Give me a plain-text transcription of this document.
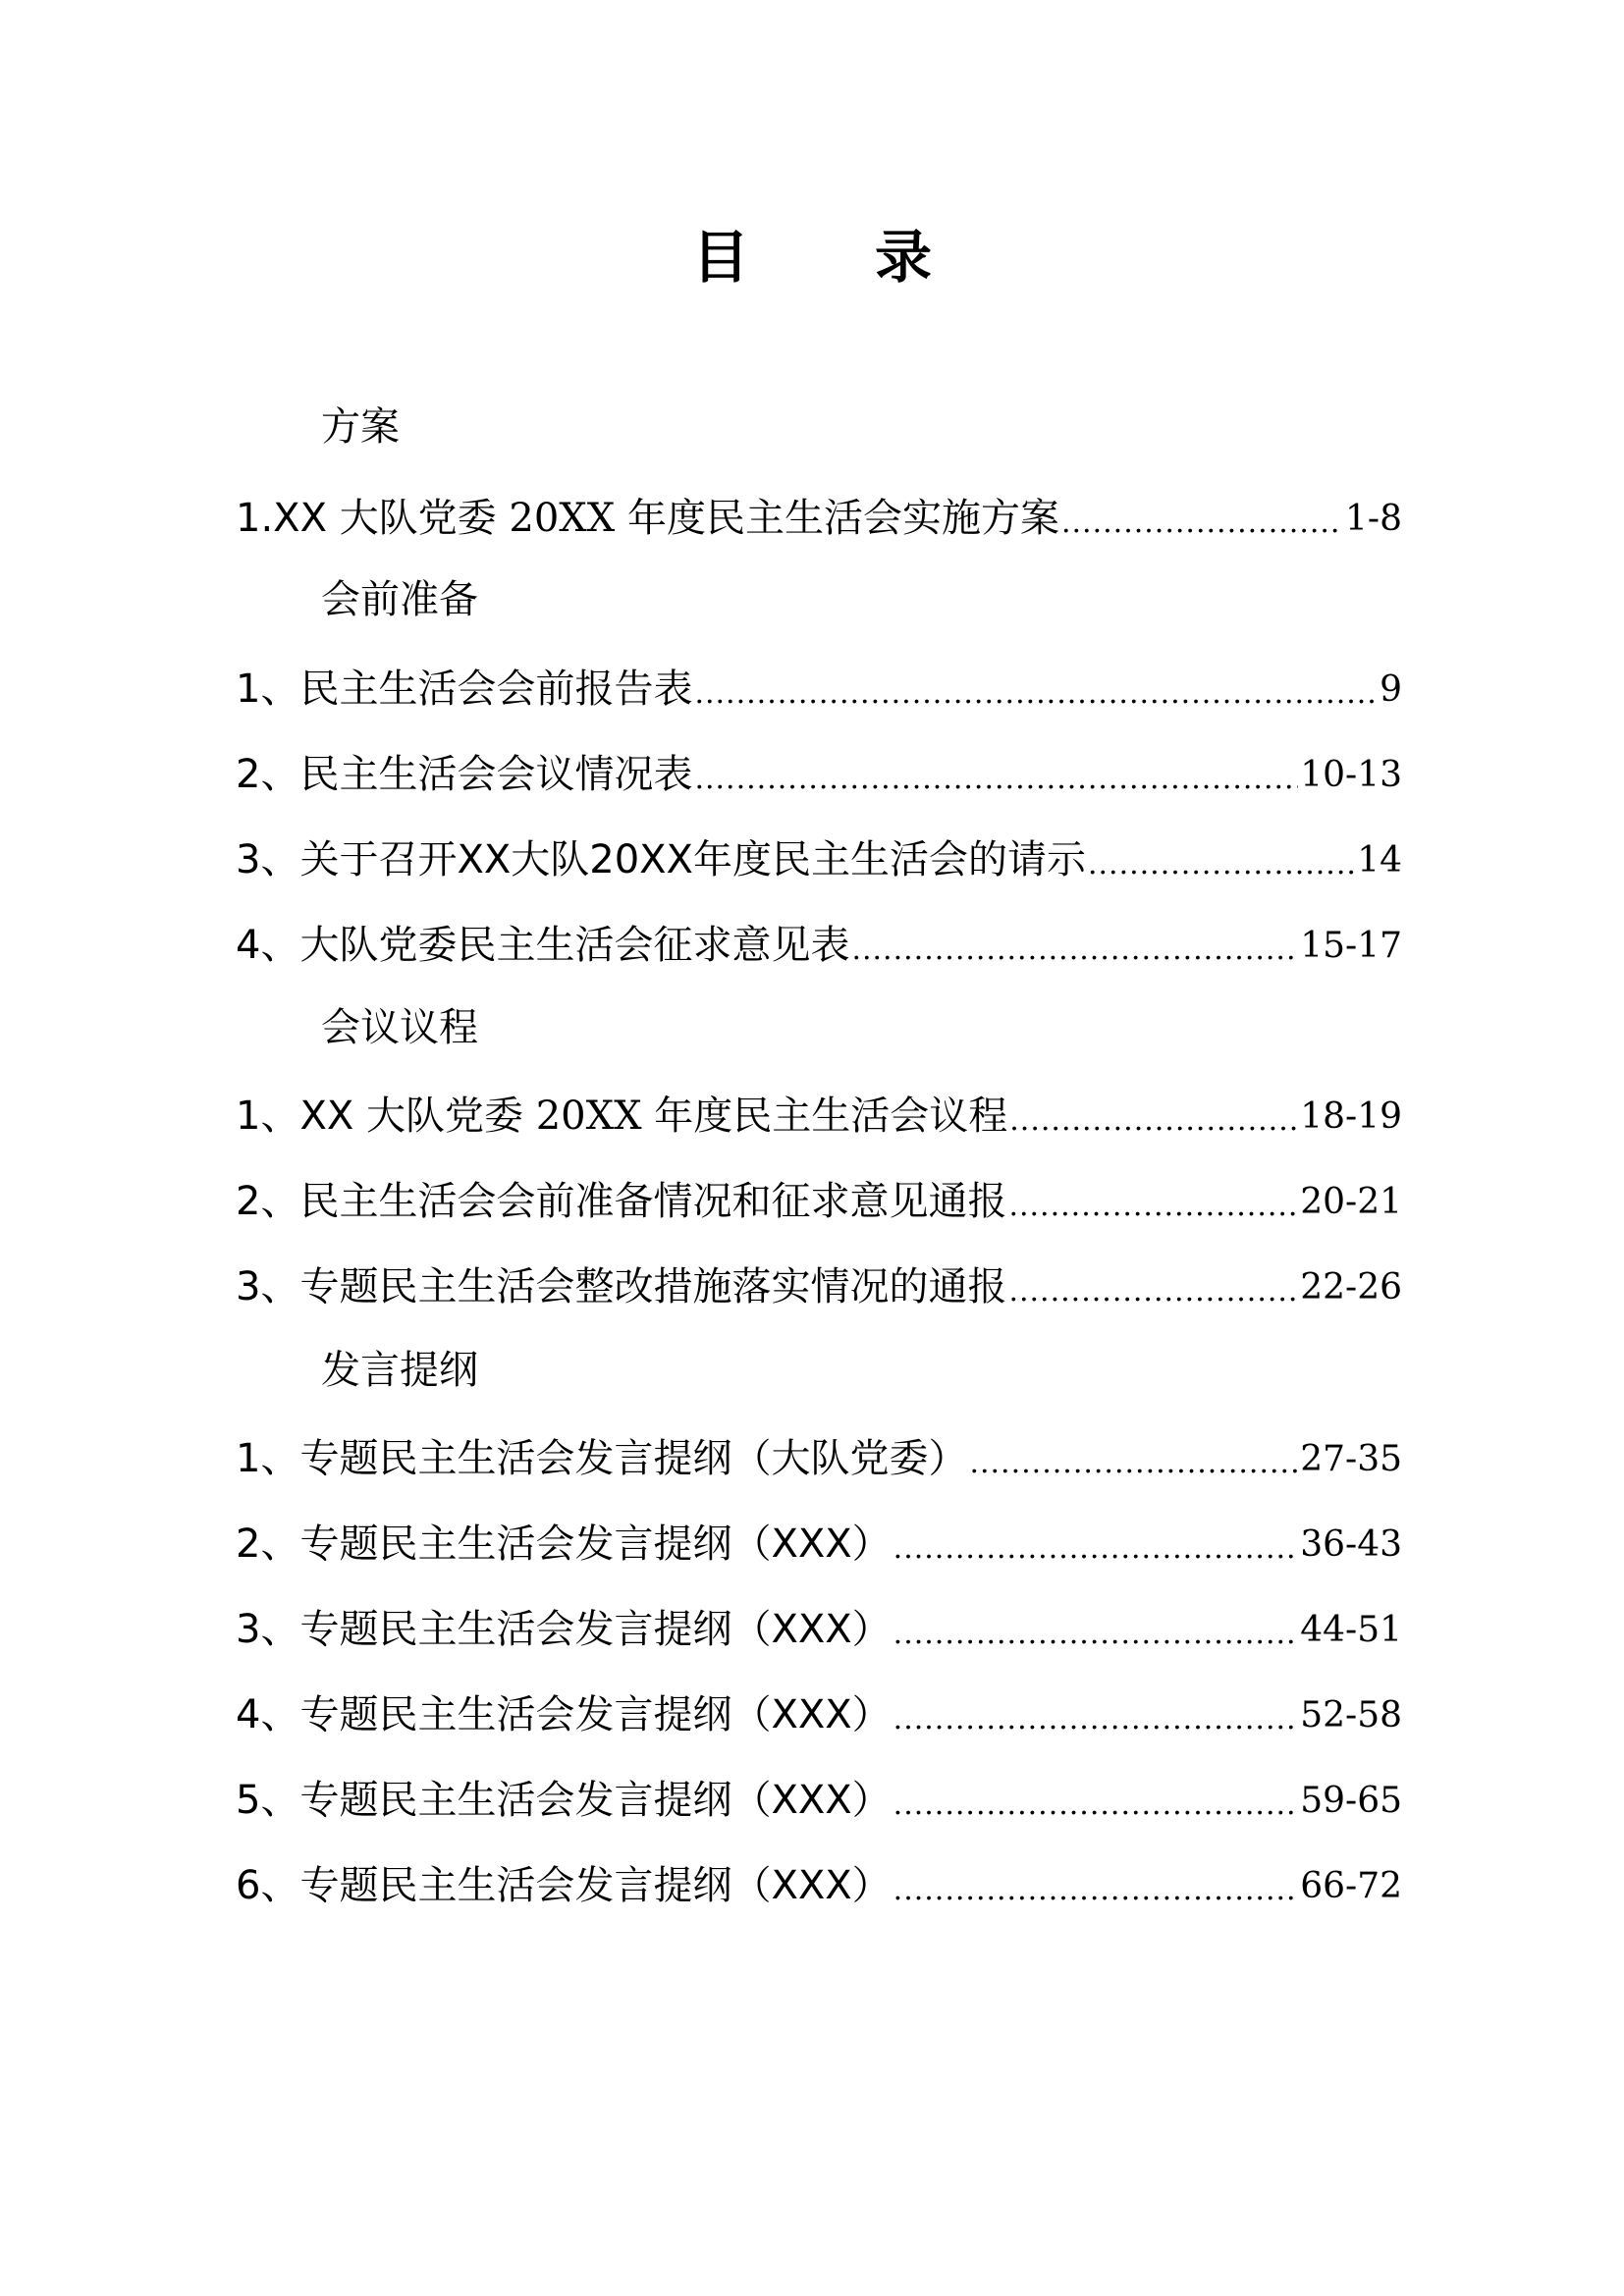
目 录
方案
1.XX 大队党委 20XX 年度民主生活会实施方案 .....	1-8
会前准备
1、民主生活会会前报告表 .....	9
2、民主生活会会议情况表 .....	10-13
3、关于召开XX大队20XX年度民主生活会的请示 .....	14
4、大队党委民主生活会征求意见表 .....	15-17
会议议程
1、XX 大队党委 20XX 年度民主生活会议程 .....	18-19
2、民主生活会会前准备情况和征求意见通报 .....	20-21
3、专题民主生活会整改措施落实情况的通报 .....	22-26
发言提纲
1、专题民主生活会发言提纲（大队党委） .....	27-35
2、专题民主生活会发言提纲（XXX） .....	36-43
3、专题民主生活会发言提纲（XXX） .....	44-51
4、专题民主生活会发言提纲（XXX） .....	52-58
5、专题民主生活会发言提纲（XXX） .....	59-65
6、专题民主生活会发言提纲（XXX） .....	66-72
